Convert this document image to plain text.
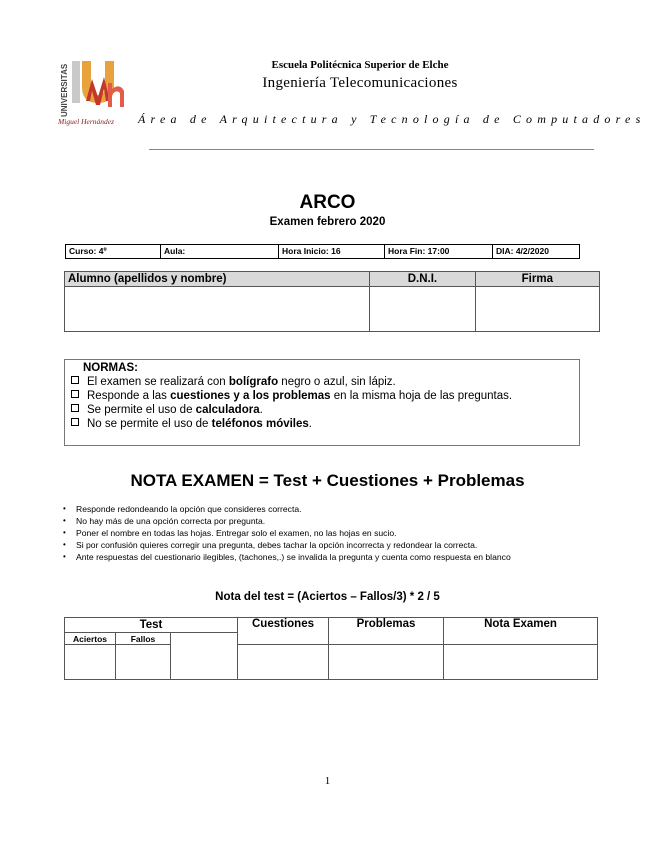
UNIVERSITAS
Miguel Hernández
Escuela Politécnica Superior de Elche
Ingeniería Telecomunicaciones
Área de Arquitectura y Tecnología de Computadores
ARCO
Examen febrero 2020
Curso: 4º	Aula:	Hora Inicio: 16	Hora Fin: 17:00	DIA: 4/2/2020
Alumno (apellidos y nombre)	D.N.I.	Firma

NORMAS:
El examen se realizará con bolígrafo negro o azul, sin lápiz.
Responde a las cuestiones y a los problemas en la misma hoja de las preguntas.
Se permite el uso de calculadora.
No se permite el uso de teléfonos móviles.
NOTA EXAMEN = Test + Cuestiones + Problemas
• Responde redondeando la opción que consideres correcta.
• No hay más de una opción correcta por pregunta.
• Poner el nombre en todas las hojas. Entregar solo el examen, no las hojas en sucio.
• Si por confusión quieres corregir una pregunta, debes tachar la opción incorrecta y redondear la correcta.
• Ante respuestas del cuestionario ilegibles, (tachones,.) se invalida la pregunta y cuenta como respuesta en blanco
Nota del test = (Aciertos – Fallos/3) * 2 / 5
Test			Cuestiones	Problemas	Nota Examen
Aciertos	Fallos				

1
